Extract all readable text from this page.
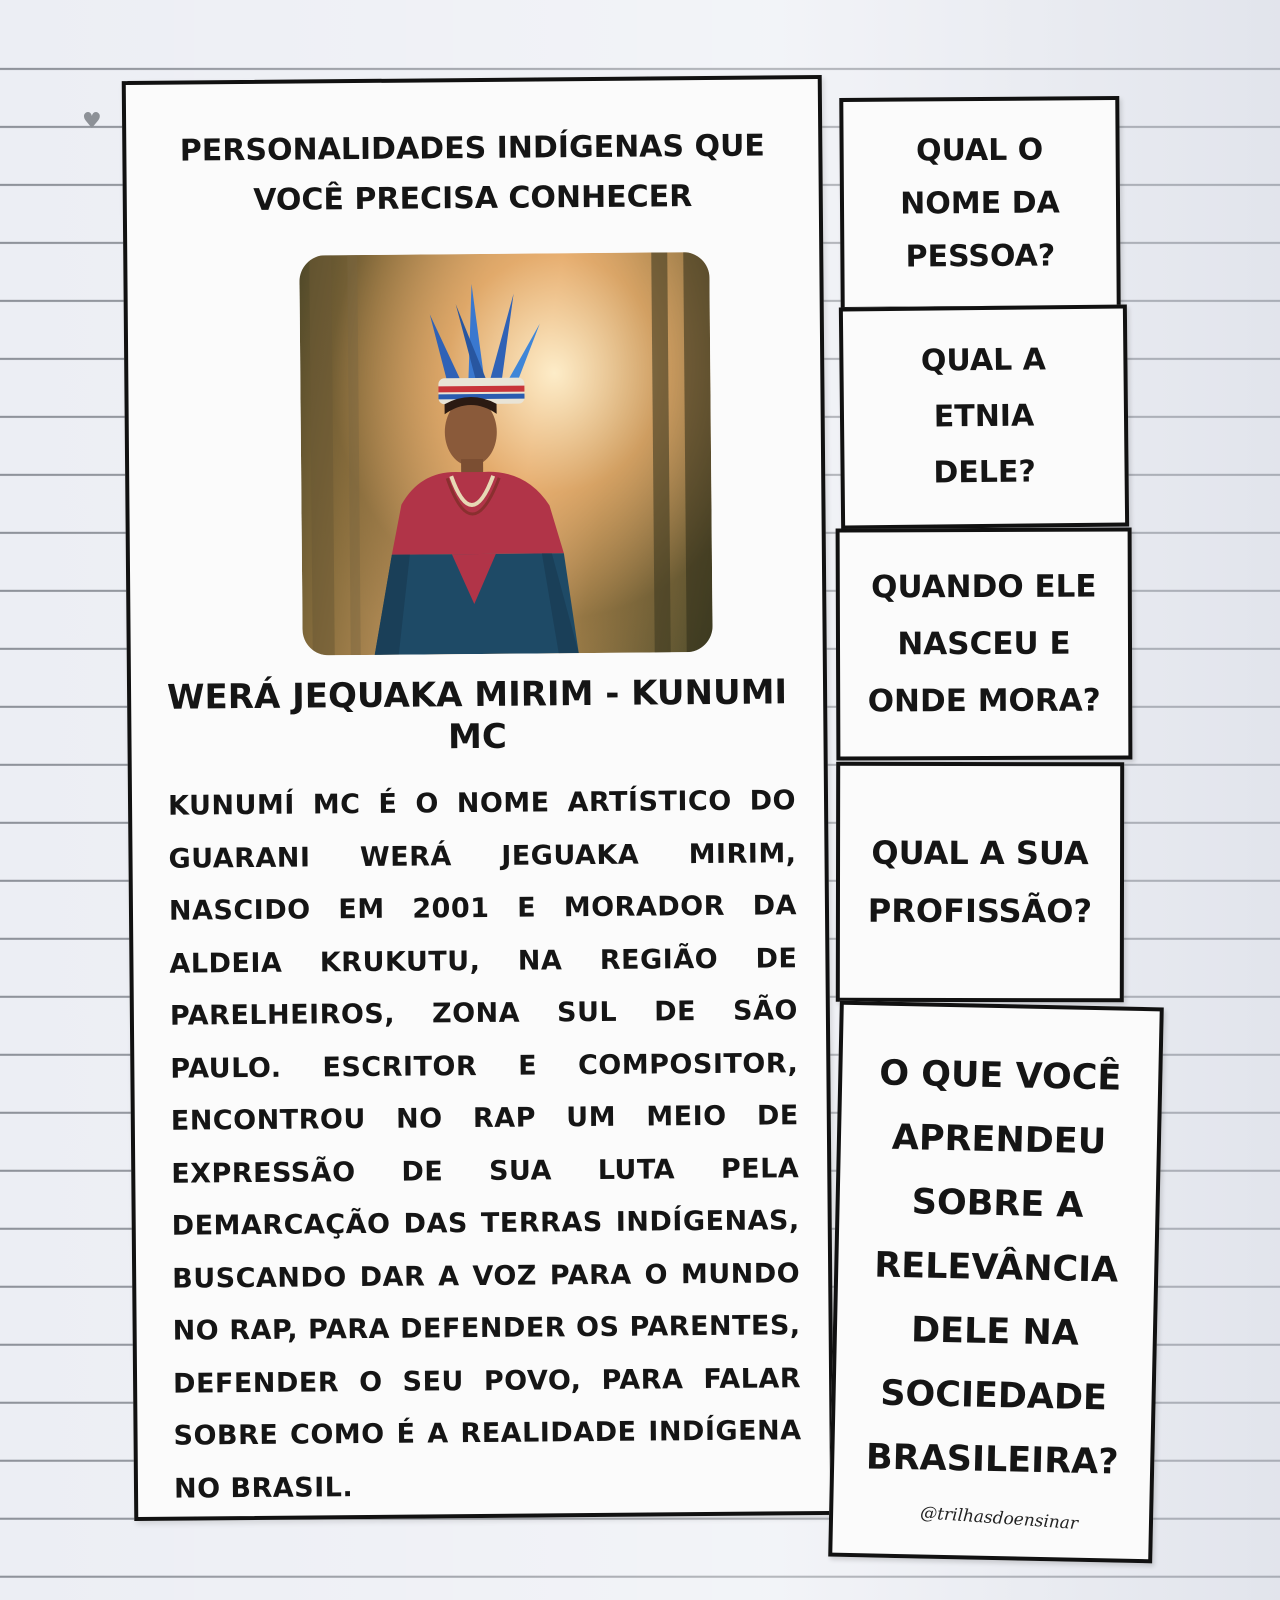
♥
PERSONALIDADES INDÍGENAS QUE VOCÊ PRECISA CONHECER
WERÁ JEQUAKA MIRIM - KUNUMI MC
KUNUMÍ MC É O NOME ARTÍSTICO DO GUARANI WERÁ JEGUAKA MIRIM, NASCIDO EM 2001 E MORADOR DA ALDEIA KRUKUTU, NA REGIÃO DE PARELHEIROS, ZONA SUL DE SÃO PAULO. ESCRITOR E COMPOSITOR, ENCONTROU NO RAP UM MEIO DE EXPRESSÃO DE SUA LUTA PELA DEMARCAÇÃO DAS TERRAS INDÍGENAS, BUSCANDO DAR A VOZ PARA O MUNDO NO RAP, PARA DEFENDER OS PARENTES, DEFENDER O SEU POVO, PARA FALAR SOBRE COMO É A REALIDADE INDÍGENA NO BRASIL.
QUAL O NOME DA PESSOA?
QUAL A ETNIA DELE?
QUANDO ELE NASCEU E ONDE MORA?
QUAL A SUA PROFISSÃO?
O QUE VOCÊ APRENDEU SOBRE A RELEVÂNCIA DELE NA SOCIEDADE BRASILEIRA?
@trilhasdoensinar
